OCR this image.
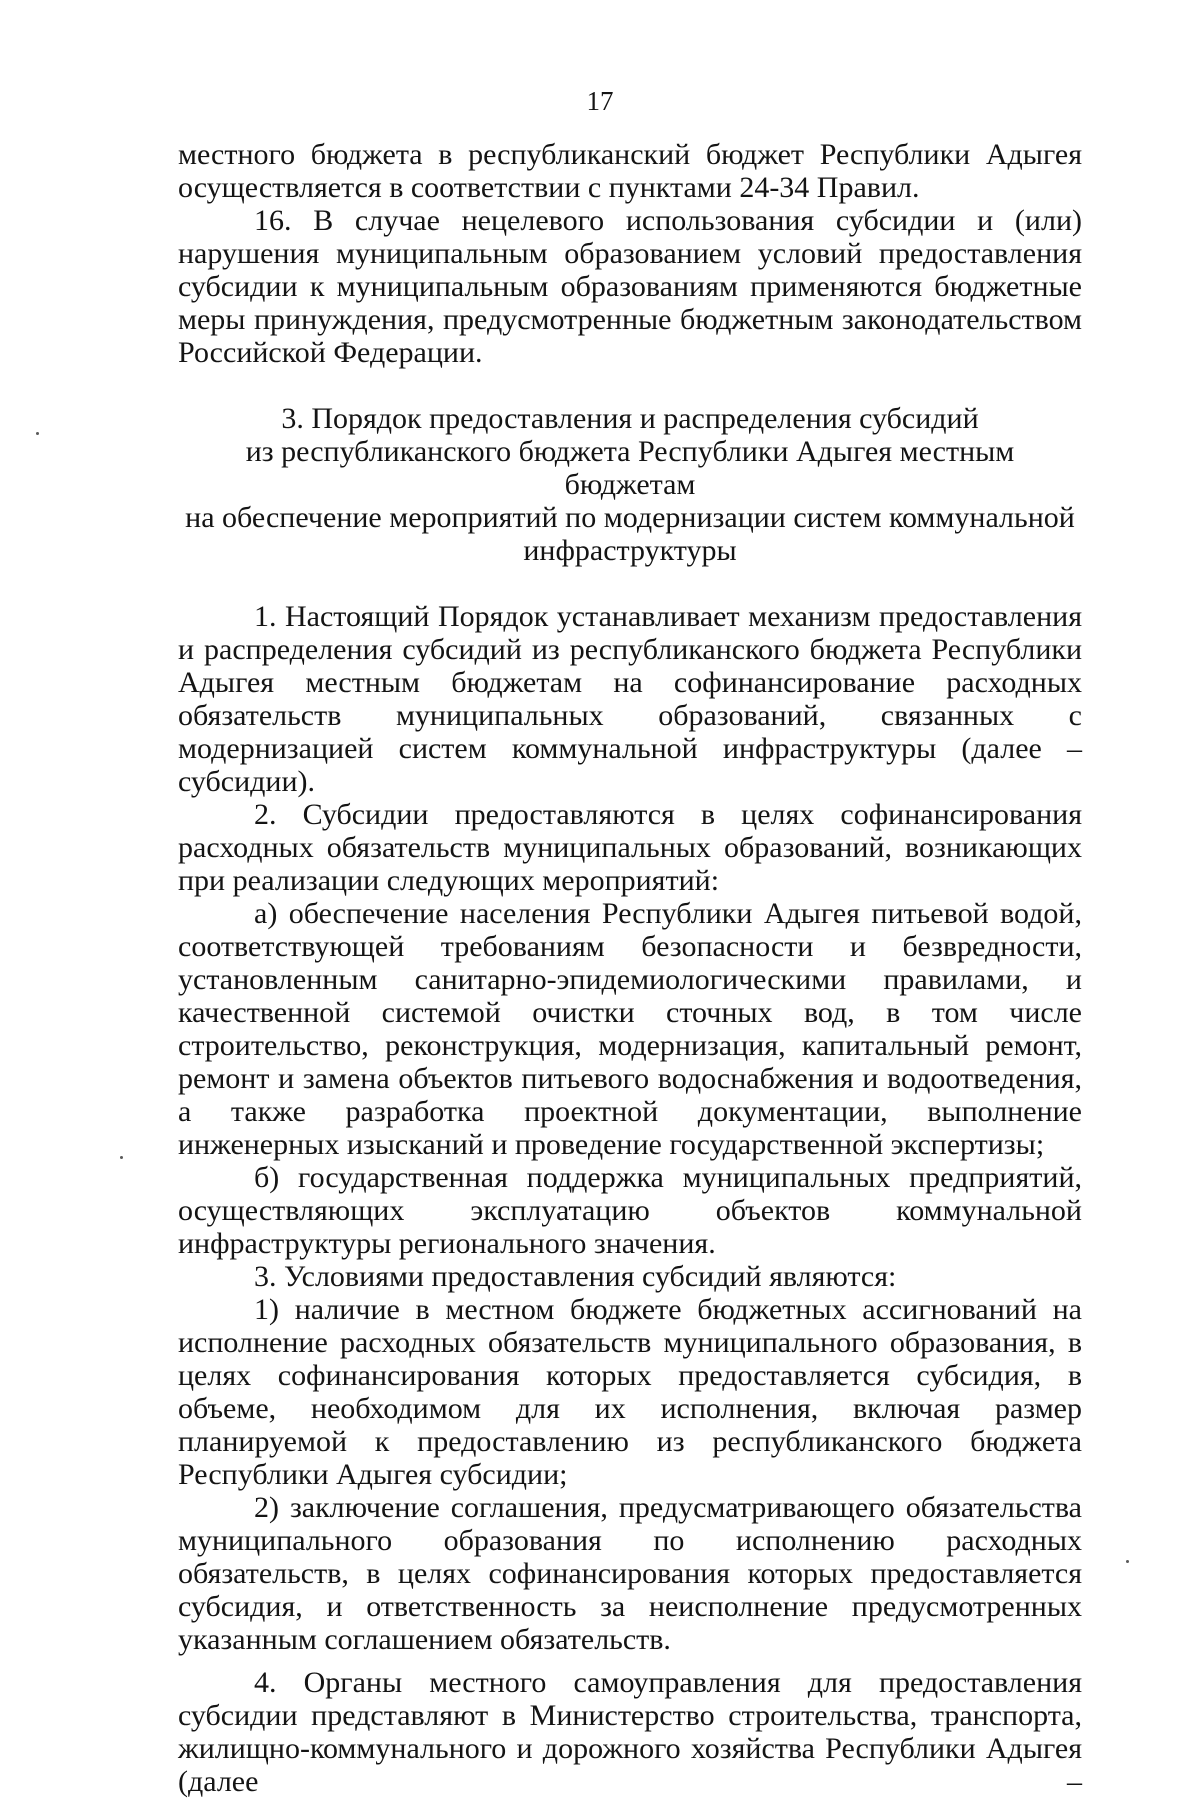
17

местного бюджета в республиканский бюджет Республики Адыгея осуществляется в соответствии с пунктами 24-34 Правил.

16. В случае нецелевого использования субсидии и (или) нарушения муниципальным образованием условий предоставления субсидии к муниципальным образованиям применяются бюджетные меры принуждения, предусмотренные бюджетным законодательством Российской Федерации.

3. Порядок предоставления и распределения субсидий
из республиканского бюджета Республики Адыгея местным бюджетам
на обеспечение мероприятий по модернизации систем коммунальной
инфраструктуры

1. Настоящий Порядок устанавливает механизм предоставления и распределения субсидий из республиканского бюджета Республики Адыгея местным бюджетам на софинансирование расходных обязательств муниципальных образований, связанных с модернизацией систем коммунальной инфраструктуры (далее – субсидии).

2. Субсидии предоставляются в целях софинансирования расходных обязательств муниципальных образований, возникающих при реализации следующих мероприятий:

а) обеспечение населения Республики Адыгея питьевой водой, соответствующей требованиям безопасности и безвредности, установленным санитарно-эпидемиологическими правилами, и качественной системой очистки сточных вод, в том числе строительство, реконструкция, модернизация, капитальный ремонт, ремонт и замена объектов питьевого водоснабжения и водоотведения, а также разработка проектной документации, выполнение инженерных изысканий и проведение государственной экспертизы;

б) государственная поддержка муниципальных предприятий, осуществляющих эксплуатацию объектов коммунальной инфраструктуры регионального значения.

3. Условиями предоставления субсидий являются:

1) наличие в местном бюджете бюджетных ассигнований на исполнение расходных обязательств муниципального образования, в целях софинансирования которых предоставляется субсидия, в объеме, необходимом для их исполнения, включая размер планируемой к предоставлению из республиканского бюджета Республики Адыгея субсидии;

2) заключение соглашения, предусматривающего обязательства муниципального образования по исполнению расходных обязательств, в целях софинансирования которых предоставляется субсидия, и ответственность за неисполнение предусмотренных указанным соглашением обязательств.

4. Органы местного самоуправления для предоставления субсидии представляют в Министерство строительства, транспорта, жилищно-коммунального и дорожного хозяйства Республики Адыгея (далее –
